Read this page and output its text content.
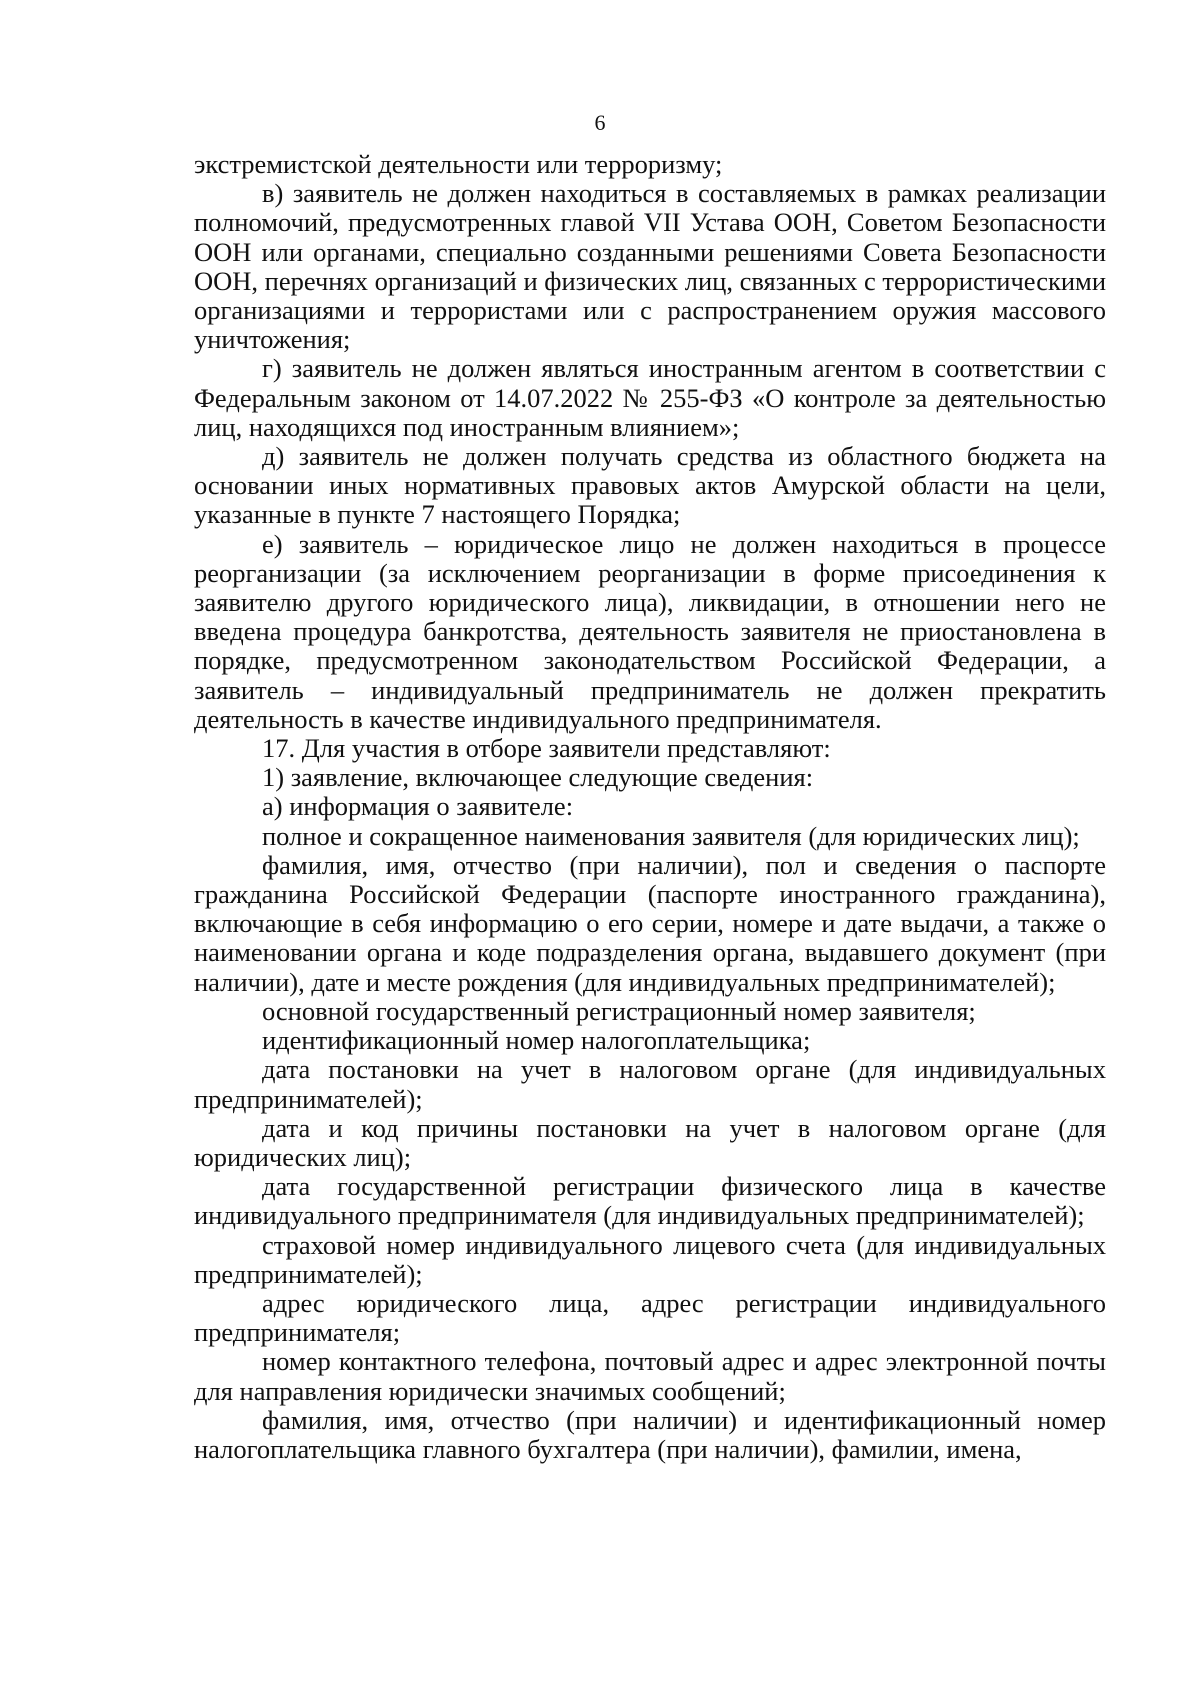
6

экстремистской деятельности или терроризму;

в) заявитель не должен находиться в составляемых в рамках реализации полномочий, предусмотренных главой VII Устава ООН, Советом Безопасности ООН или органами, специально созданными решениями Совета Безопасности ООН, перечнях организаций и физических лиц, связанных с террористическими организациями и террористами или с распространением оружия массового уничтожения;

г) заявитель не должен являться иностранным агентом в соответствии с Федеральным законом от 14.07.2022 № 255-ФЗ «О контроле за деятельностью лиц, находящихся под иностранным влиянием»;

д) заявитель не должен получать средства из областного бюджета на основании иных нормативных правовых актов Амурской области на цели, указанные в пункте 7 настоящего Порядка;

е) заявитель – юридическое лицо не должен находиться в процессе реорганизации (за исключением реорганизации в форме присоединения к заявителю другого юридического лица), ликвидации, в отношении него не введена процедура банкротства, деятельность заявителя не приостановлена в порядке, предусмотренном законодательством Российской Федерации, а заявитель – индивидуальный предприниматель не должен прекратить деятельность в качестве индивидуального предпринимателя.

17. Для участия в отборе заявители представляют:

1) заявление, включающее следующие сведения:

а) информация о заявителе:

полное и сокращенное наименования заявителя (для юридических лиц);

фамилия, имя, отчество (при наличии), пол и сведения о паспорте гражданина Российской Федерации (паспорте иностранного гражданина), включающие в себя информацию о его серии, номере и дате выдачи, а также о наименовании органа и коде подразделения органа, выдавшего документ (при наличии), дате и месте рождения (для индивидуальных предпринимателей);

основной государственный регистрационный номер заявителя;

идентификационный номер налогоплательщика;

дата постановки на учет в налоговом органе (для индивидуальных предпринимателей);

дата и код причины постановки на учет в налоговом органе (для юридических лиц);

дата государственной регистрации физического лица в качестве индивидуального предпринимателя (для индивидуальных предпринимателей);

страховой номер индивидуального лицевого счета (для индивидуальных предпринимателей);

адрес юридического лица, адрес регистрации индивидуального предпринимателя;

номер контактного телефона, почтовый адрес и адрес электронной почты для направления юридически значимых сообщений;

фамилия, имя, отчество (при наличии) и идентификационный номер налогоплательщика главного бухгалтера (при наличии), фамилии, имена,
